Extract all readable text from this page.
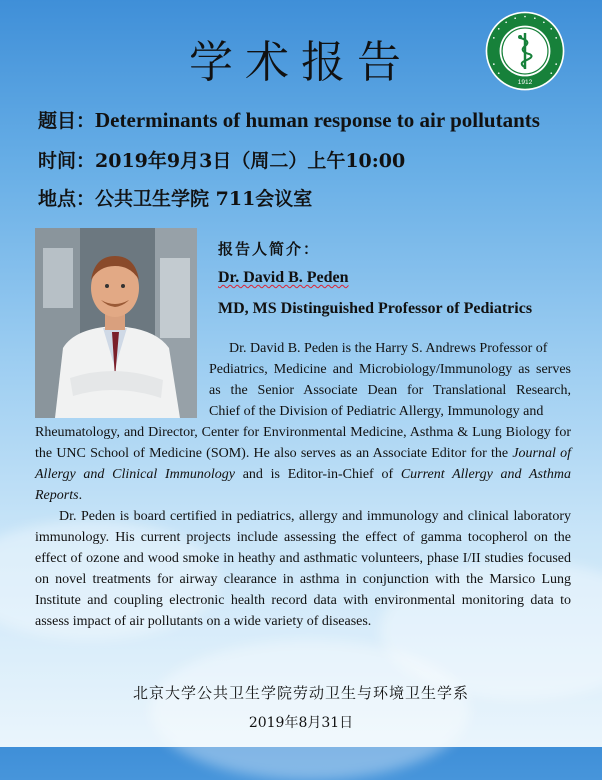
学术报告	1912
题目：Determinants of human response to air pollutants
时间：2019年9月3日（周二）上午10:00
地点：公共卫生学院 711会议室
报告人简介：
Dr. David B. Peden
MD, MS Distinguished Professor of Pediatrics
Dr. David B. Peden is the Harry S. Andrews Professor of
Pediatrics, Medicine and Microbiology/Immunology as serves
as the Senior Associate Dean for Translational Research,
Chief of the Division of Pediatric Allergy, Immunology and
Rheumatology, and Director, Center for Environmental Medicine, Asthma & Lung Biology for the UNC School of Medicine (SOM). He also serves as an Associate Editor for the Journal of Allergy and Clinical Immunology and is Editor-in-Chief of Current Allergy and Asthma Reports.
Dr. Peden is board certified in pediatrics, allergy and immunology and clinical laboratory immunology. His current projects include assessing the effect of gamma tocopherol on the effect of ozone and wood smoke in heathy and asthmatic volunteers, phase I/II studies focused on novel treatments for airway clearance in asthma in conjunction with the Marsico Lung Institute and coupling electronic health record data with environmental monitoring data to assess impact of air pollutants on a wide variety of diseases.
北京大学公共卫生学院劳动卫生与环境卫生学系
2019年8月31日
